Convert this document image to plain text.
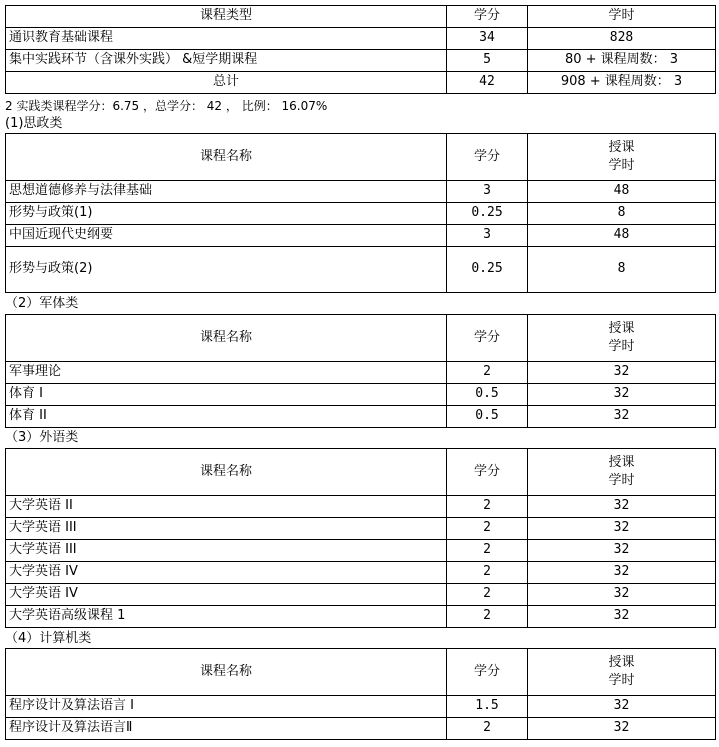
课程类型	学分	学时
通识教育基础课程	34	828
集中实践环节（含课外实践） &短学期课程	5	80 + 课程周数： 3
总计	42	908 + 课程周数： 3
2 实践类课程学分：6.75 ，总学分： 42 ， 比例： 16.07%
(1)思政类
课程名称	学分	授课
学时
思想道德修养与法律基础	3	48
形势与政策(1)	0.25	8
中国近现代史纲要	3	48
形势与政策(2)	0.25	8
（2）军体类
课程名称	学分	授课
学时
军事理论	2	32
体育 I	0.5	32
体育 II	0.5	32
（3）外语类
课程名称	学分	授课
学时
大学英语 II	2	32
大学英语 III	2	32
大学英语 III	2	32
大学英语 IV	2	32
大学英语 IV	2	32
大学英语高级课程 1	2	32
（4）计算机类
课程名称	学分	授课
学时
程序设计及算法语言 I	1.5	32
程序设计及算法语言Ⅱ	2	32
